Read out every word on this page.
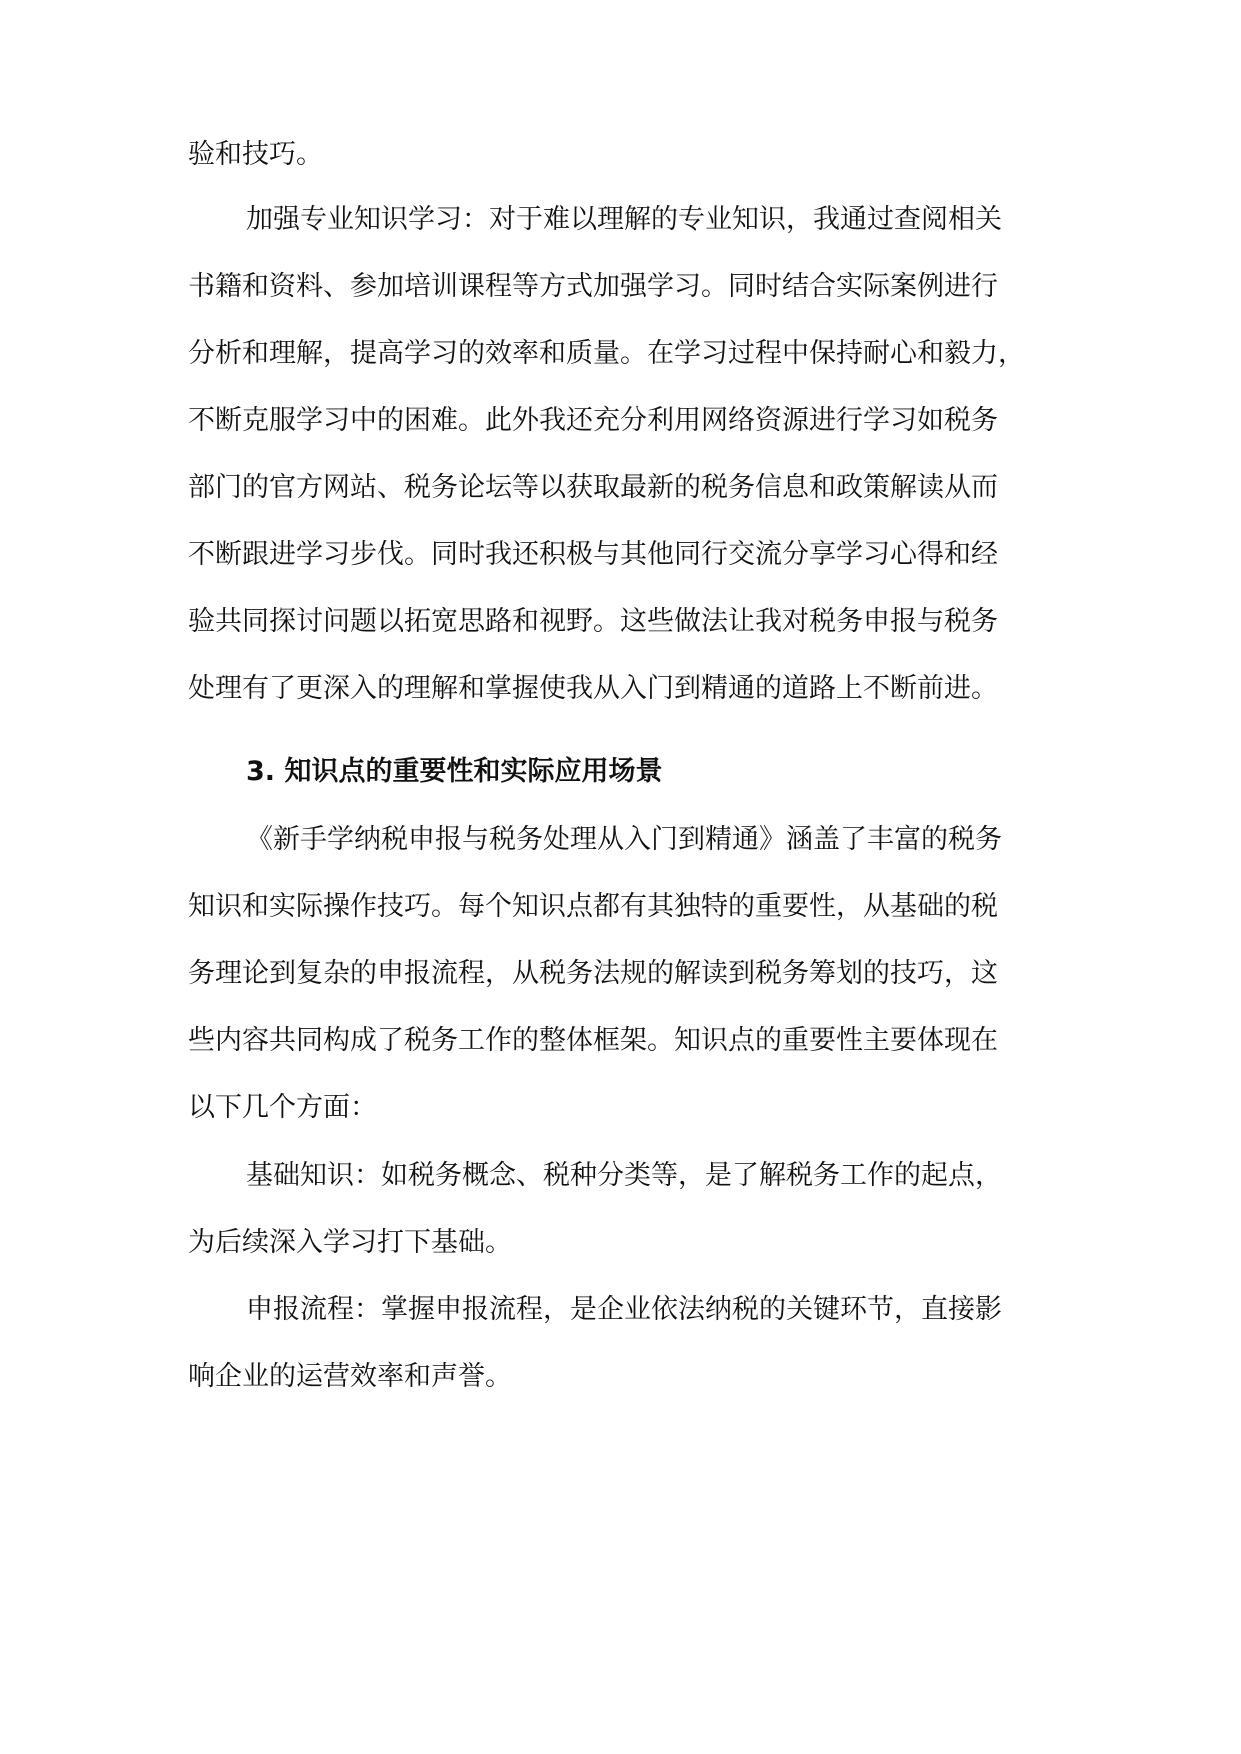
验和技巧。
加强专业知识学习：对于难以理解的专业知识，我通过查阅相关
书籍和资料、参加培训课程等方式加强学习。同时结合实际案例进行
分析和理解，提高学习的效率和质量。在学习过程中保持耐心和毅力，
不断克服学习中的困难。此外我还充分利用网络资源进行学习如税务
部门的官方网站、税务论坛等以获取最新的税务信息和政策解读从而
不断跟进学习步伐。同时我还积极与其他同行交流分享学习心得和经
验共同探讨问题以拓宽思路和视野。这些做法让我对税务申报与税务
处理有了更深入的理解和掌握使我从入门到精通的道路上不断前进。
3. 知识点的重要性和实际应用场景
《新手学纳税申报与税务处理从入门到精通》涵盖了丰富的税务
知识和实际操作技巧。每个知识点都有其独特的重要性，从基础的税
务理论到复杂的申报流程，从税务法规的解读到税务筹划的技巧，这
些内容共同构成了税务工作的整体框架。知识点的重要性主要体现在
以下几个方面：
基础知识：如税务概念、税种分类等，是了解税务工作的起点，
为后续深入学习打下基础。
申报流程：掌握申报流程，是企业依法纳税的关键环节，直接影
响企业的运营效率和声誉。
